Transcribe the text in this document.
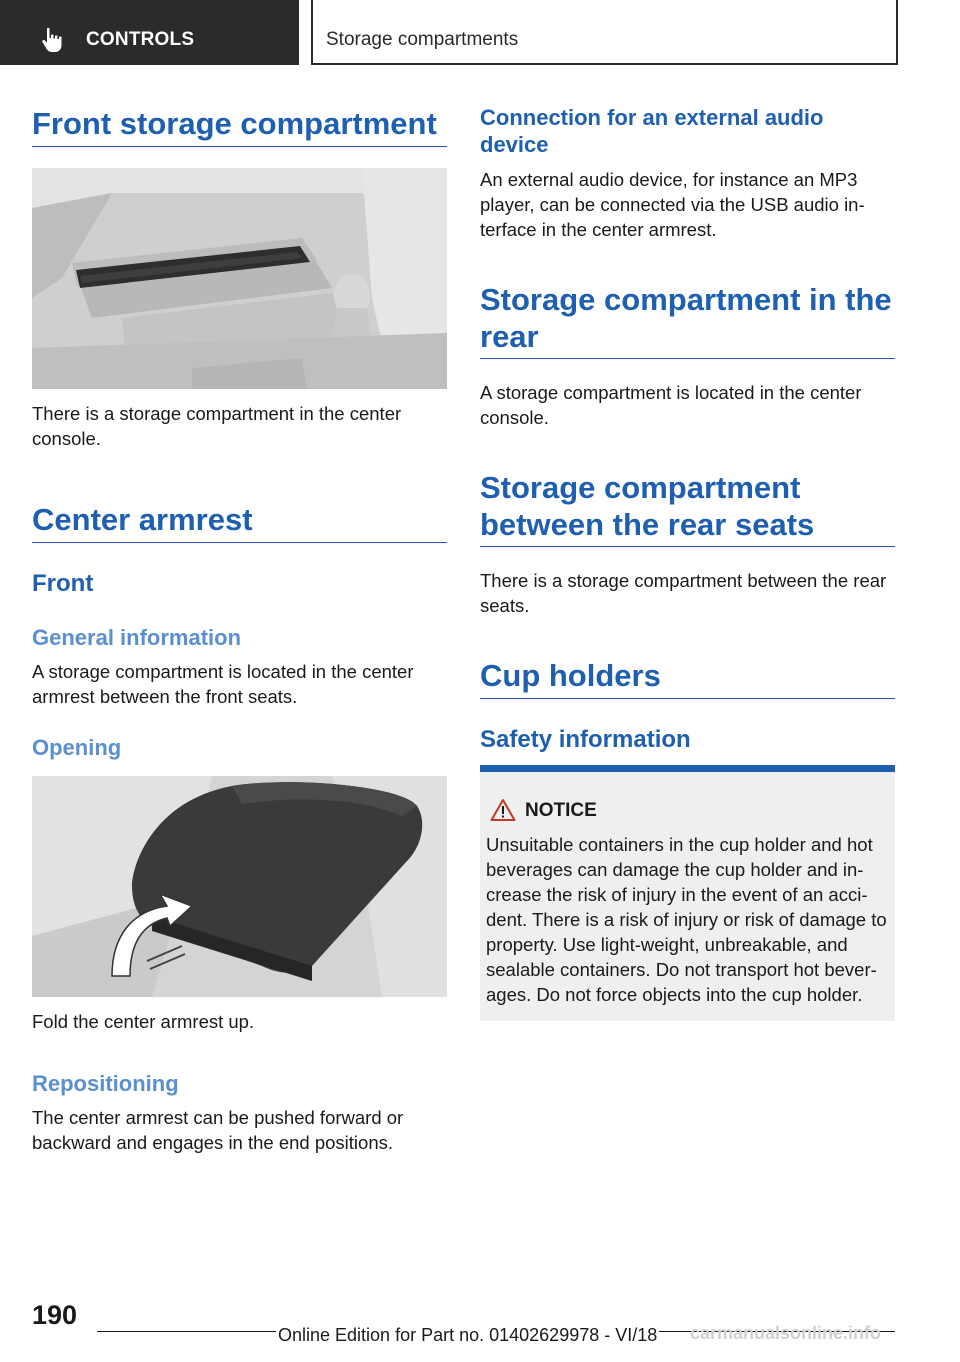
CONTROLS	Storage compartments
Front storage compartment
There is a storage compartment in the center console.
Center armrest
Front
General information
A storage compartment is located in the center armrest between the front seats.
Opening
Fold the center armrest up.
Repositioning
The center armrest can be pushed forward or backward and engages in the end positions.
Connection for an external audio device
An external audio device, for instance an MP3 player, can be connected via the USB audio in-terface in the center armrest.
Storage compartment in the rear
A storage compartment is located in the center console.
Storage compartment between the rear seats
There is a storage compartment between the rear seats.
Cup holders
Safety information
NOTICE
Unsuitable containers in the cup holder and hot beverages can damage the cup holder and in-crease the risk of injury in the event of an acci-dent. There is a risk of injury or risk of damage to property. Use light-weight, unbreakable, and sealable containers. Do not transport hot bever-ages. Do not force objects into the cup holder.
190
Online Edition for Part no. 01402629978 - VI/18 carmanualsonline.info
